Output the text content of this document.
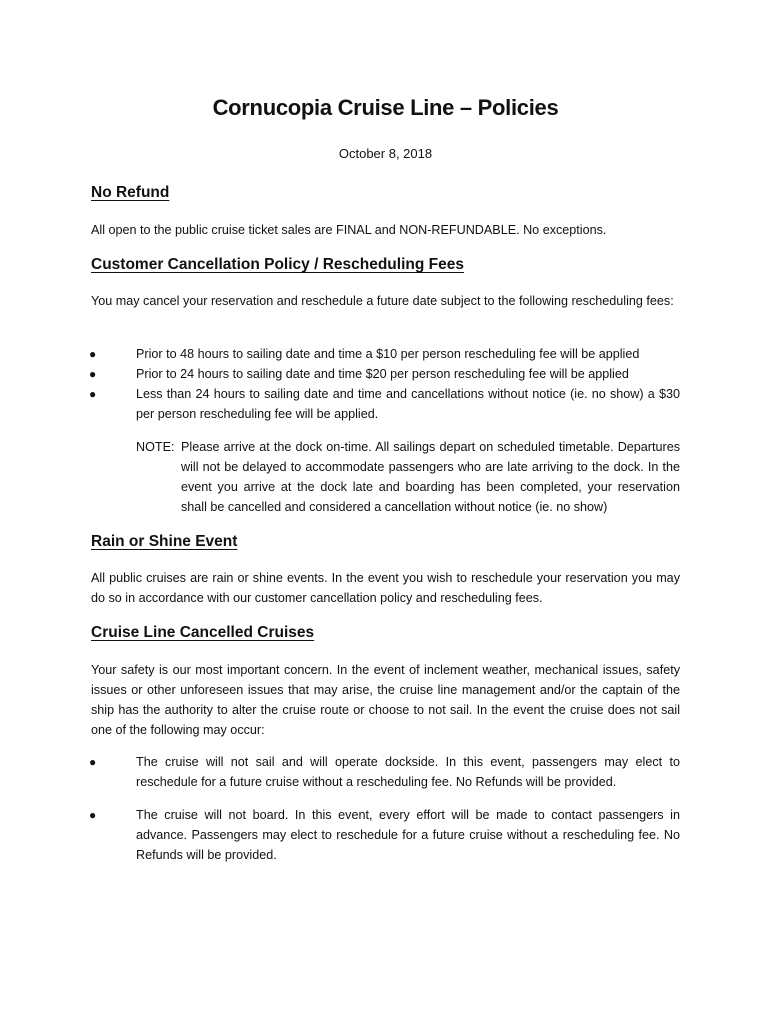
Cornucopia Cruise Line – Policies
October 8, 2018
No Refund
All open to the public cruise ticket sales are FINAL and NON-REFUNDABLE. No exceptions.
Customer Cancellation Policy / Rescheduling Fees
You may cancel your reservation and reschedule a future date subject to the following rescheduling fees:
●	Prior to 48 hours to sailing date and time a $10 per person rescheduling fee will be applied
●	Prior to 24 hours to sailing date and time $20 per person rescheduling fee will be applied
●	Less than 24 hours to sailing date and time and cancellations without notice (ie. no show) a $30 per person rescheduling fee will be applied.
NOTE: Please arrive at the dock on-time. All sailings depart on scheduled timetable. Departures will not be delayed to accommodate passengers who are late arriving to the dock. In the event you arrive at the dock late and boarding has been completed, your reservation shall be cancelled and considered a cancellation without notice (ie. no show)
Rain or Shine Event
All public cruises are rain or shine events. In the event you wish to reschedule your reservation you may do so in accordance with our customer cancellation policy and rescheduling fees.
Cruise Line Cancelled Cruises
Your safety is our most important concern. In the event of inclement weather, mechanical issues, safety issues or other unforeseen issues that may arise, the cruise line management and/or the captain of the ship has the authority to alter the cruise route or choose to not sail. In the event the cruise does not sail one of the following may occur:
●	The cruise will not sail and will operate dockside. In this event, passengers may elect to reschedule for a future cruise without a rescheduling fee. No Refunds will be provided.
●	The cruise will not board. In this event, every effort will be made to contact passengers in advance. Passengers may elect to reschedule for a future cruise without a rescheduling fee. No Refunds will be provided.
